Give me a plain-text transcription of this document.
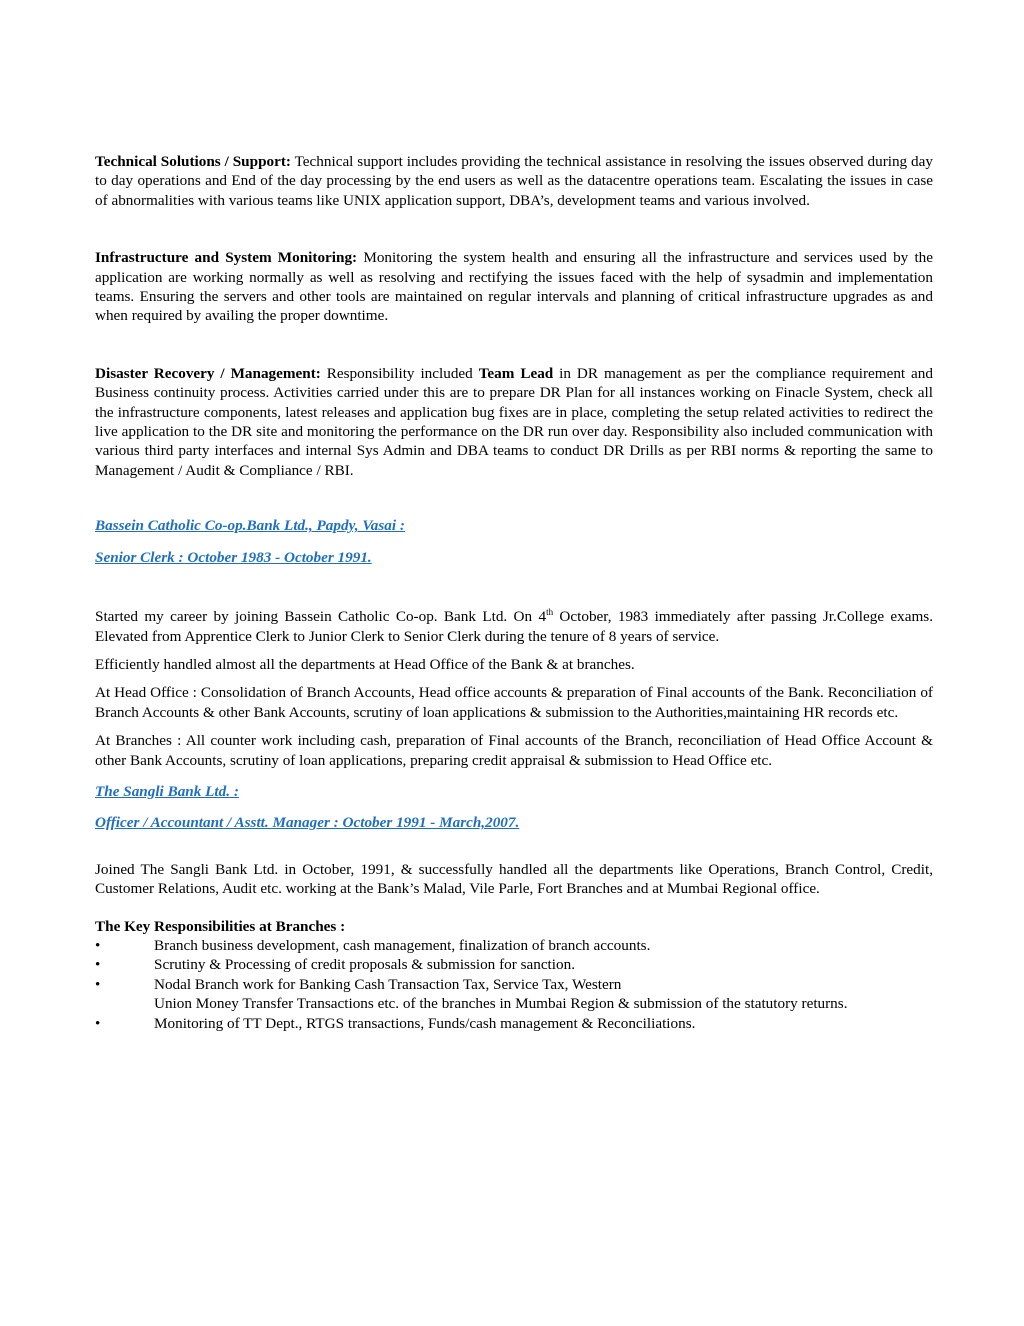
Technical Solutions / Support: Technical support includes providing the technical assistance in resolving the issues observed during day to day operations and End of the day processing by the end users as well as the datacentre operations team. Escalating the issues in case of abnormalities with various teams like UNIX application support, DBA’s, development teams and various involved.

Infrastructure and System Monitoring: Monitoring the system health and ensuring all the infrastructure and services used by the application are working normally as well as resolving and rectifying the issues faced with the help of sysadmin and implementation teams. Ensuring the servers and other tools are maintained on regular intervals and planning of critical infrastructure upgrades as and when required by availing the proper downtime.

Disaster Recovery / Management: Responsibility included Team Lead in DR management as per the compliance requirement and Business continuity process. Activities carried under this are to prepare DR Plan for all instances working on Finacle System, check all the infrastructure components, latest releases and application bug fixes are in place, completing the setup related activities to redirect the live application to the DR site and monitoring the performance on the DR run over day. Responsibility also included communication with various third party interfaces and internal Sys Admin and DBA teams to conduct DR Drills as per RBI norms & reporting the same to Management / Audit & Compliance / RBI.

Bassein Catholic Co-op.Bank Ltd., Papdy, Vasai :

Senior Clerk : October 1983 - October 1991.

Started my career by joining Bassein Catholic Co-op. Bank Ltd. On 4th October, 1983 immediately after passing Jr.College exams. Elevated from Apprentice Clerk to Junior Clerk to Senior Clerk during the tenure of 8 years of service.

Efficiently handled almost all the departments at Head Office of the Bank & at branches.

At Head Office : Consolidation of Branch Accounts, Head office accounts & preparation of Final accounts of the Bank. Reconciliation of Branch Accounts & other Bank Accounts, scrutiny of loan applications & submission to the Authorities,maintaining HR records etc.

At Branches : All counter work including cash, preparation of Final accounts of the Branch, reconciliation of Head Office Account & other Bank Accounts, scrutiny of loan applications, preparing credit appraisal & submission to Head Office etc.

The Sangli Bank Ltd. :

Officer / Accountant / Asstt. Manager : October 1991 - March,2007.

Joined The Sangli Bank Ltd. in October, 1991, & successfully handled all the departments like Operations, Branch Control, Credit, Customer Relations, Audit etc. working at the Bank’s Malad, Vile Parle, Fort Branches and at Mumbai Regional office.

The Key Responsibilities at Branches :

•	Branch business development, cash management, finalization of branch accounts.
•	Scrutiny & Processing of credit proposals & submission for sanction.
•	Nodal Branch work for Banking Cash Transaction Tax, Service Tax, Western
Union Money Transfer Transactions etc. of the branches in Mumbai Region & submission of the statutory returns.
•	Monitoring of TT Dept., RTGS transactions, Funds/cash management & Reconciliations.
